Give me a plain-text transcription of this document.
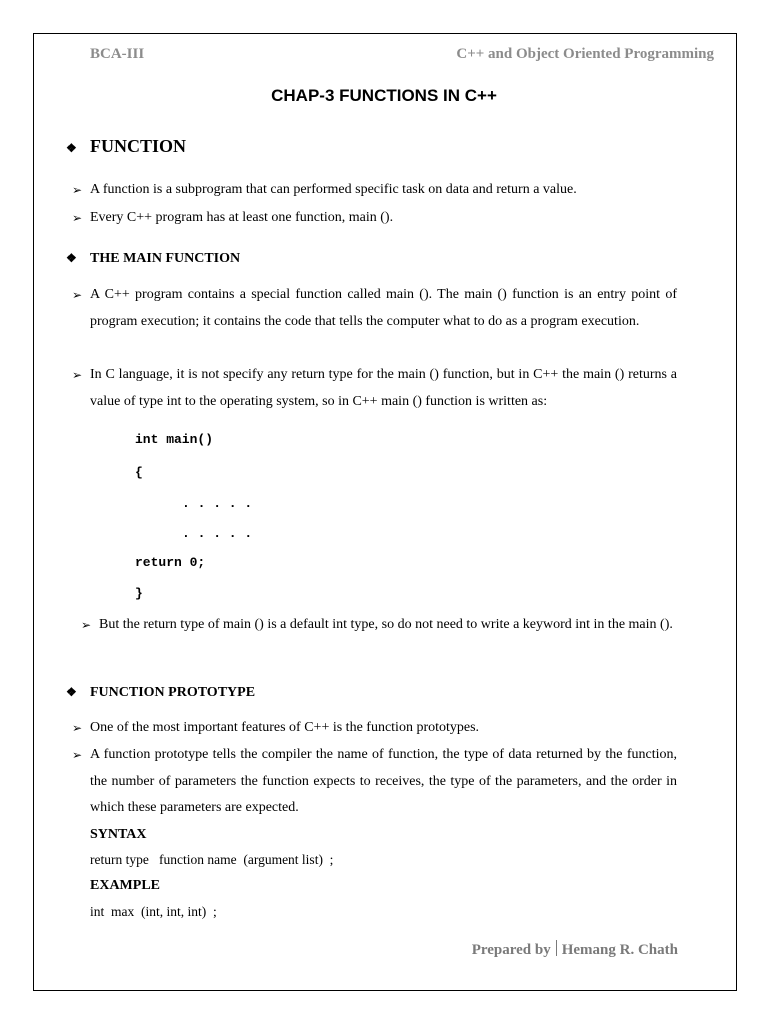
BCA-III	C++ and Object Oriented Programming
CHAP-3 FUNCTIONS IN C++
❖ FUNCTION
➢ A function is a subprogram that can performed specific task on data and return a value.
➢ Every C++ program has at least one function, main ().
❖ THE MAIN FUNCTION
➢ A C++ program contains a special function called main (). The main () function is an entry point of program execution; it contains the code that tells the computer what to do as a program execution.
➢ In C language, it is not specify any return type for the main () function, but in C++ the main () returns a value of type int to the operating system, so in C++ main () function is written as:
int main()
{
. . . . .
. . . . .
return 0;
}
➢ But the return type of main () is a default int type, so do not need to write a keyword int in the main ().
❖ FUNCTION PROTOTYPE
➢ One of the most important features of C++ is the function prototypes.
➢ A function prototype tells the compiler the name of function, the type of data returned by the function, the number of parameters the function expects to receives, the type of the parameters, and the order in which these parameters are expected.
SYNTAX
return type   function name  (argument list)  ;
EXAMPLE
int  max  (int, int, int)  ;
Prepared by Hemang R. Chath
